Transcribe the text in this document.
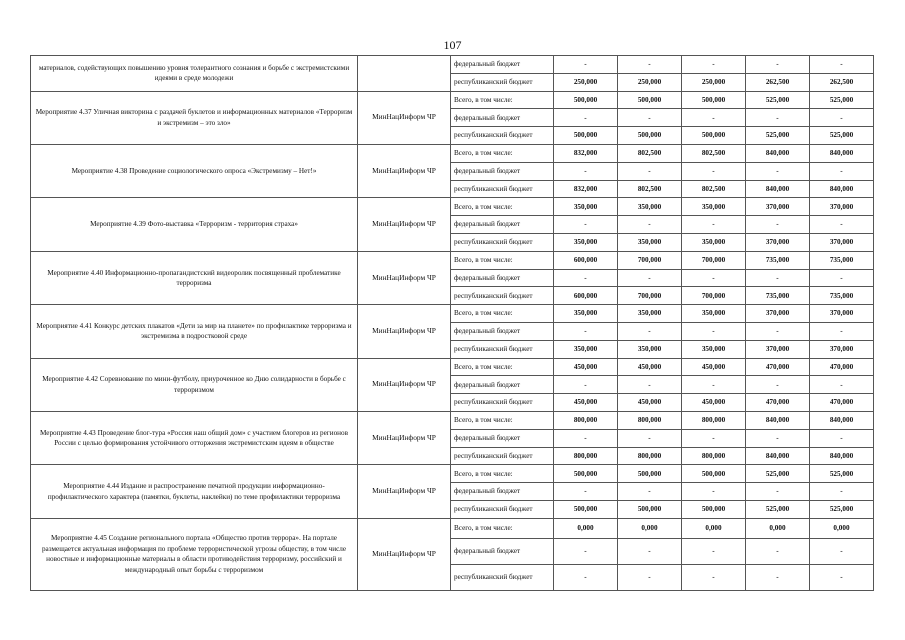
107
материалов, содействующих повышению уровня толерантного сознания и борьбе с экстремистскими идеями в среде молодежи		федеральный бюджет	-	-	-	-	-
		республиканский бюджет	250,000	250,000	250,000	262,500	262,500
Мероприятие 4.37 Уличная викторина с раздачей буклетов и информационных материалов «Терроризм и экстремизм – это зло»	МинНацИнформ ЧР	Всего, в том числе:	500,000	500,000	500,000	525,000	525,000
		федеральный бюджет	-	-	-	-	-
		республиканский бюджет	500,000	500,000	500,000	525,000	525,000
Мероприятие 4.38 Проведение социологического опроса «Экстремизму – Нет!»	МинНацИнформ ЧР	Всего, в том числе:	832,000	802,500	802,500	840,000	840,000
		федеральный бюджет	-	-	-	-	-
		республиканский бюджет	832,000	802,500	802,500	840,000	840,000
Мероприятие 4.39 Фото-выставка «Терроризм - территория страха»	МинНацИнформ ЧР	Всего, в том числе:	350,000	350,000	350,000	370,000	370,000
		федеральный бюджет	-	-	-	-	-
		республиканский бюджет	350,000	350,000	350,000	370,000	370,000
Мероприятие 4.40 Информационно-пропагандистский видеоролик посвященный проблематике терроризма	МинНацИнформ ЧР	Всего, в том числе:	600,000	700,000	700,000	735,000	735,000
		федеральный бюджет	-	-	-	-	-
		республиканский бюджет	600,000	700,000	700,000	735,000	735,000
Мероприятие 4.41 Конкурс детских плакатов «Дети за мир на планете» по профилактике терроризма и экстремизма в подростковой среде	МинНацИнформ ЧР	Всего, в том числе:	350,000	350,000	350,000	370,000	370,000
		федеральный бюджет	-	-	-	-	-
		республиканский бюджет	350,000	350,000	350,000	370,000	370,000
Мероприятие 4.42 Соревнование по мини-футболу, приуроченное ко Дню солидарности в борьбе с терроризмом	МинНацИнформ ЧР	Всего, в том числе:	450,000	450,000	450,000	470,000	470,000
		федеральный бюджет	-	-	-	-	-
		республиканский бюджет	450,000	450,000	450,000	470,000	470,000
Мероприятие 4.43 Проведение блог-тура «Россия наш общий дом» с участием блогеров из регионов России с целью формирования устойчивого отторжения экстремистским идеям в обществе	МинНацИнформ ЧР	Всего, в том числе:	800,000	800,000	800,000	840,000	840,000
		федеральный бюджет	-	-	-	-	-
		республиканский бюджет	800,000	800,000	800,000	840,000	840,000
Мероприятие 4.44 Издание и распространение печатной продукции информационно-профилактического характера (памятки, буклеты, наклейки) по теме профилактики терроризма	МинНацИнформ ЧР	Всего, в том числе:	500,000	500,000	500,000	525,000	525,000
		федеральный бюджет	-	-	-	-	-
		республиканский бюджет	500,000	500,000	500,000	525,000	525,000
Мероприятие 4.45 Создание регионального портала «Общество против террора». На портале размещается актуальная информация по проблеме террористической угрозы обществу, в том числе новостные и информационные материалы в области противодействия терроризму, российский и международный опыт борьбы с терроризмом	МинНацИнформ ЧР	Всего, в том числе:	0,000	0,000	0,000	0,000	0,000
		федеральный бюджет	-	-	-	-	-
		республиканский бюджет	-	-	-	-	-
